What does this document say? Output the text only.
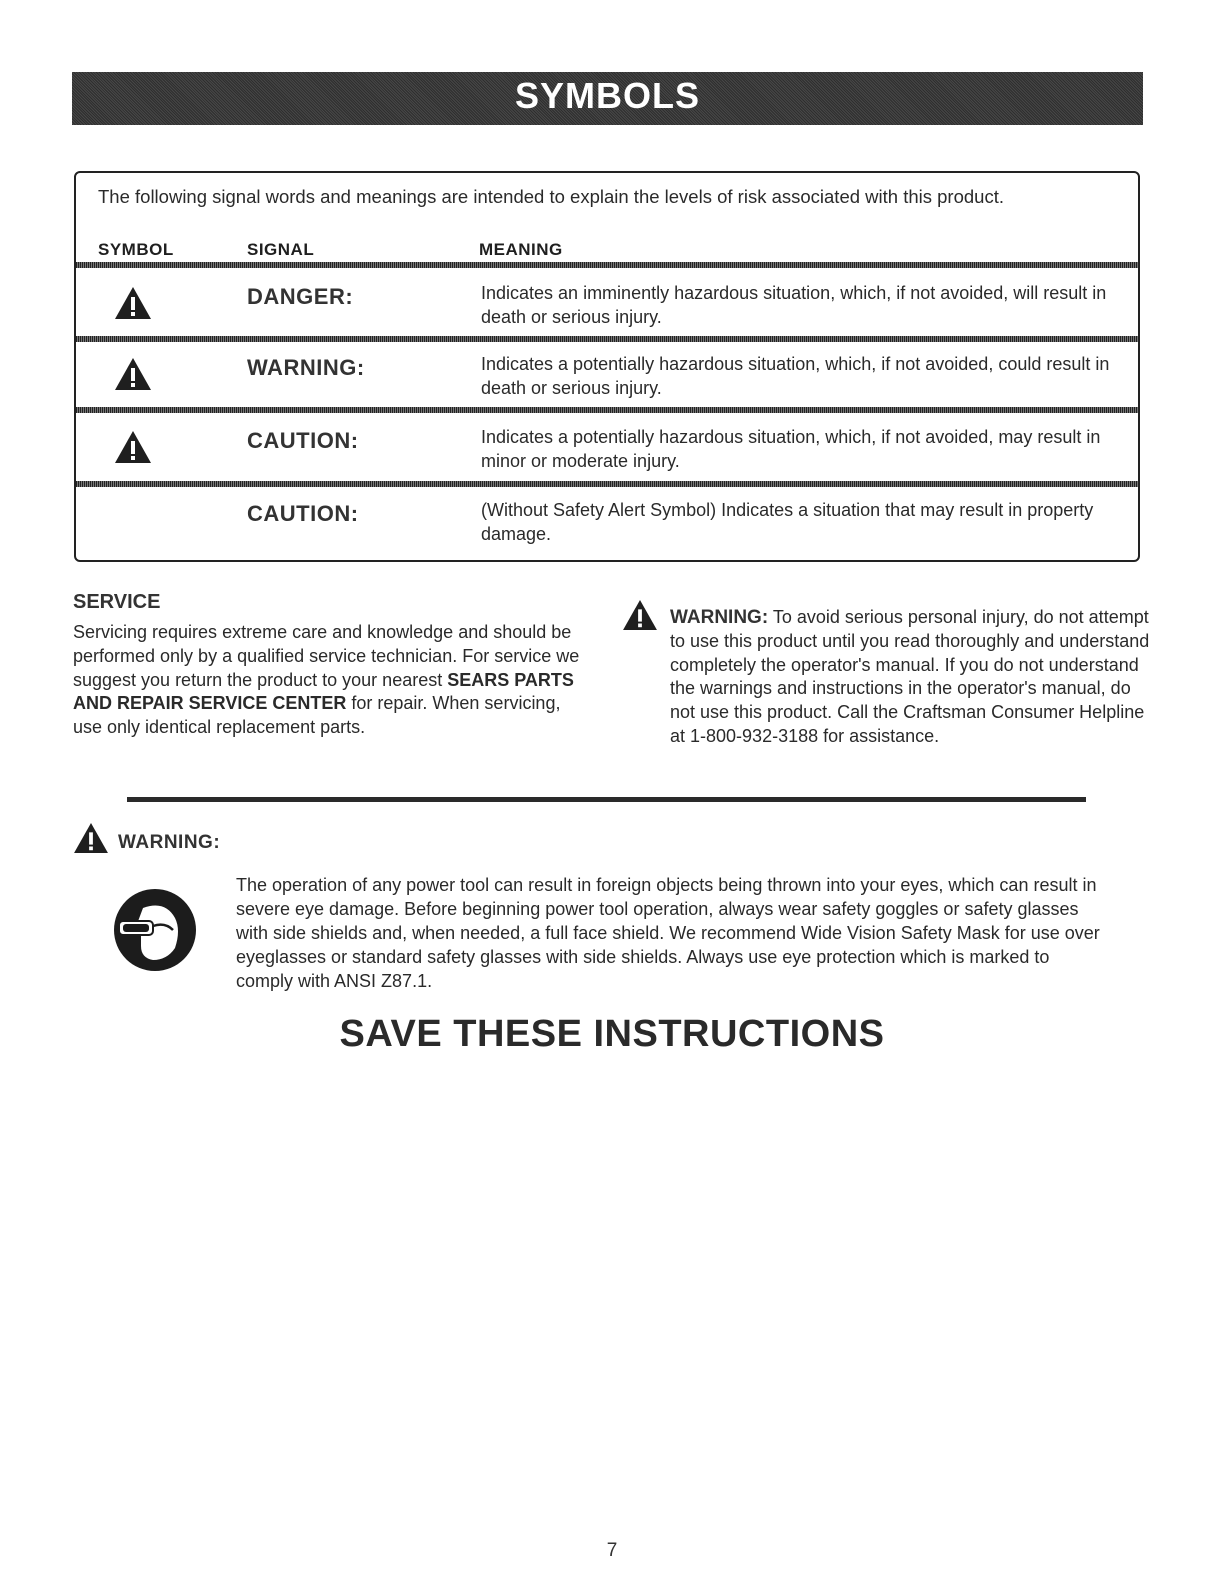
SYMBOLS
The following signal words and meanings are intended to explain the levels of risk associated with this product.
SYMBOL	SIGNAL	MEANING
DANGER:	Indicates an imminently hazardous situation, which, if not avoided, will result in death or serious injury.
WARNING:	Indicates a potentially hazardous situation, which, if not avoided, could result in death or serious injury.
CAUTION:	Indicates a potentially hazardous situation, which, if not avoided, may result in minor or moderate injury.
CAUTION:	(Without Safety Alert Symbol) Indicates a situation that may result in property damage.
SERVICE
Servicing requires extreme care and knowledge and should be performed only by a qualified service technician. For service we suggest you return the product to your nearest SEARS PARTS AND REPAIR SERVICE CENTER for repair. When servicing, use only identical replacement parts.
WARNING: To avoid serious personal injury, do not attempt to use this product until you read thoroughly and understand completely the operator's manual. If you do not understand the warnings and instructions in the operator's manual, do not use this product. Call the Craftsman Consumer Helpline at 1-800-932-3188 for assistance.
WARNING:
The operation of any power tool can result in foreign objects being thrown into your eyes, which can result in severe eye damage. Before beginning power tool operation, always wear safety goggles or safety glasses with side shields and, when needed, a full face shield. We recommend Wide Vision Safety Mask for use over eyeglasses or standard safety glasses with side shields. Always use eye protection which is marked to comply with ANSI Z87.1.
SAVE THESE INSTRUCTIONS
7
